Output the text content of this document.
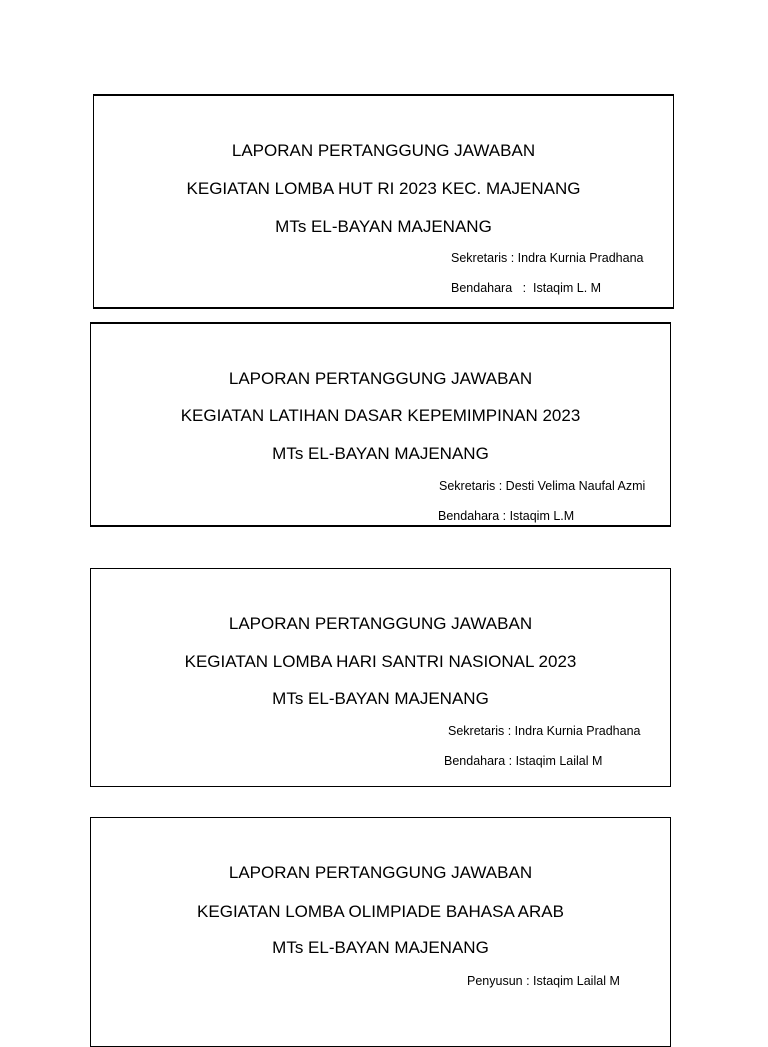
LAPORAN PERTANGGUNG JAWABAN
KEGIATAN LOMBA HUT RI 2023 KEC. MAJENANG
MTs EL-BAYAN MAJENANG
Sekretaris : Indra Kurnia Pradhana
Bendahara   :  Istaqim L. M
LAPORAN PERTANGGUNG JAWABAN
KEGIATAN LATIHAN DASAR KEPEMIMPINAN 2023
MTs EL-BAYAN MAJENANG
Sekretaris : Desti Velima Naufal Azmi
Bendahara : Istaqim L.M
LAPORAN PERTANGGUNG JAWABAN
KEGIATAN LOMBA HARI SANTRI NASIONAL 2023
MTs EL-BAYAN MAJENANG
Sekretaris : Indra Kurnia Pradhana
Bendahara : Istaqim Lailal M
LAPORAN PERTANGGUNG JAWABAN
KEGIATAN LOMBA OLIMPIADE BAHASA ARAB
MTs EL-BAYAN MAJENANG
Penyusun : Istaqim Lailal M
